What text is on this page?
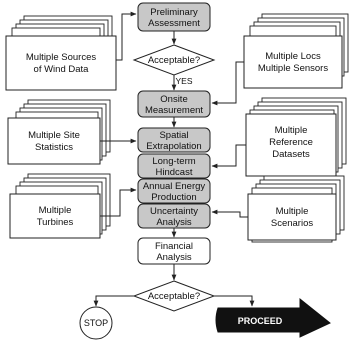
Multiple Sources
of Wind Data
Multiple Site
Statistics
Multiple
Turbines
Multiple Locs
Multiple Sensors
Multiple
Reference
Datasets
Multiple
Scenarios
Preliminary
Assessment
Acceptable?
YES
Onsite
Measurement
Spatial
Extrapolation
Long-term
Hindcast
Annual Energy
Production
Uncertainty
Analysis
Financial
Analysis
Acceptable?
STOP	PROCEED
